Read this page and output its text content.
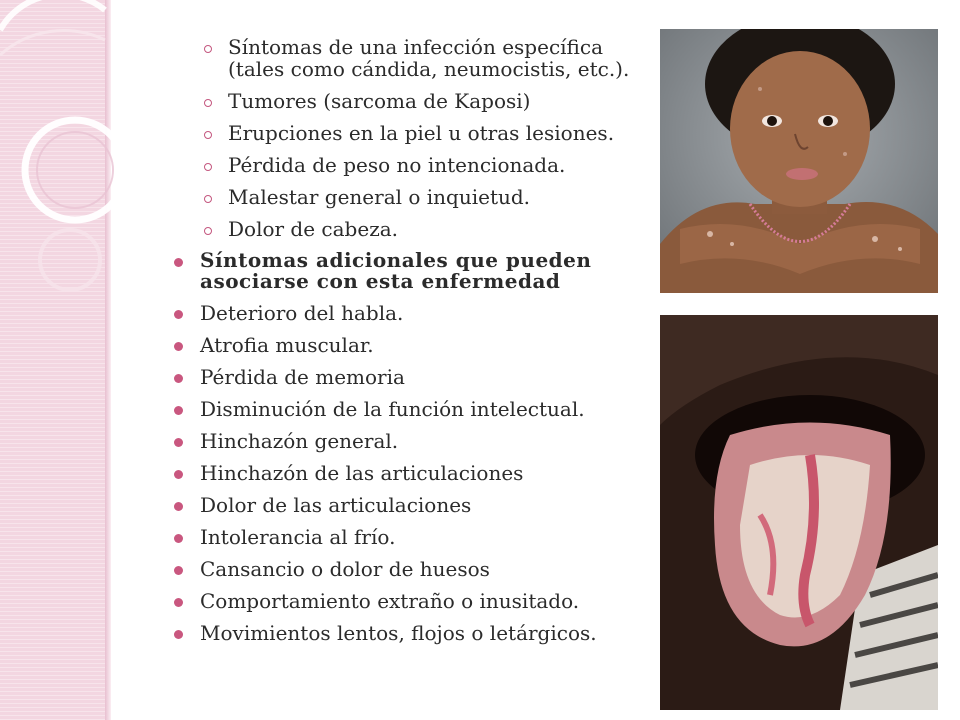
Síntomas de una infección específica (tales como cándida, neumocistis, etc.).
Tumores (sarcoma de Kaposi)
Erupciones en la piel u otras lesiones.
Pérdida de peso no intencionada.
Malestar general o inquietud.
Dolor de cabeza.
Síntomas adicionales que pueden asociarse con esta enfermedad
Deterioro del habla.
Atrofia muscular.
Pérdida de memoria
Disminución de la función intelectual.
Hinchazón general.
Hinchazón de las articulaciones
Dolor de las articulaciones
Intolerancia al frío.
Cansancio o dolor de huesos
Comportamiento extraño o inusitado.
Movimientos lentos, flojos o letárgicos.
